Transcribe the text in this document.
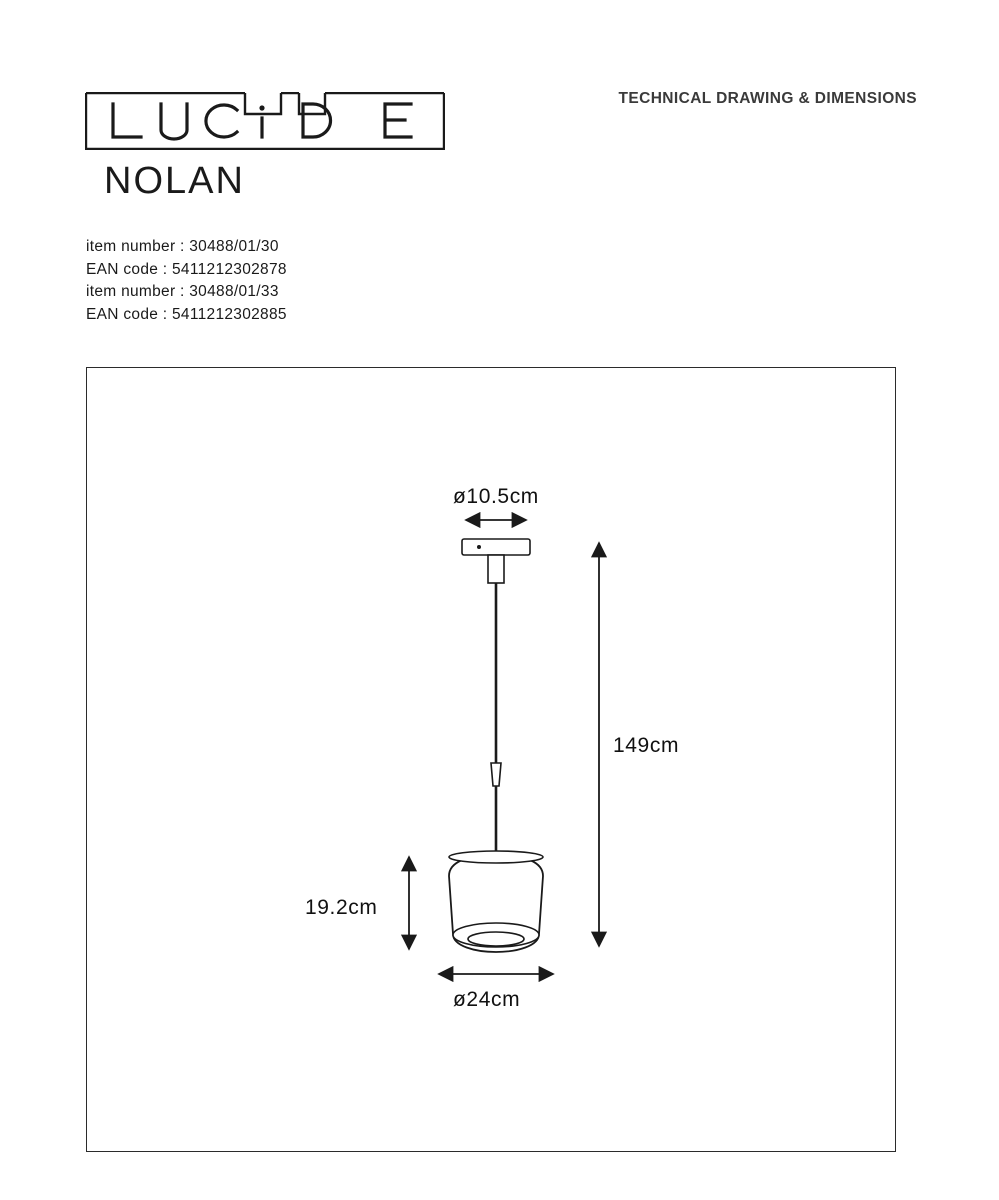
TECHNICAL DRAWING & DIMENSIONS
NOLAN
item number : 30488/01/30
EAN code : 5411212302878
item number : 30488/01/33
EAN code : 5411212302885
ø10.5cm
149cm
19.2cm
ø24cm
